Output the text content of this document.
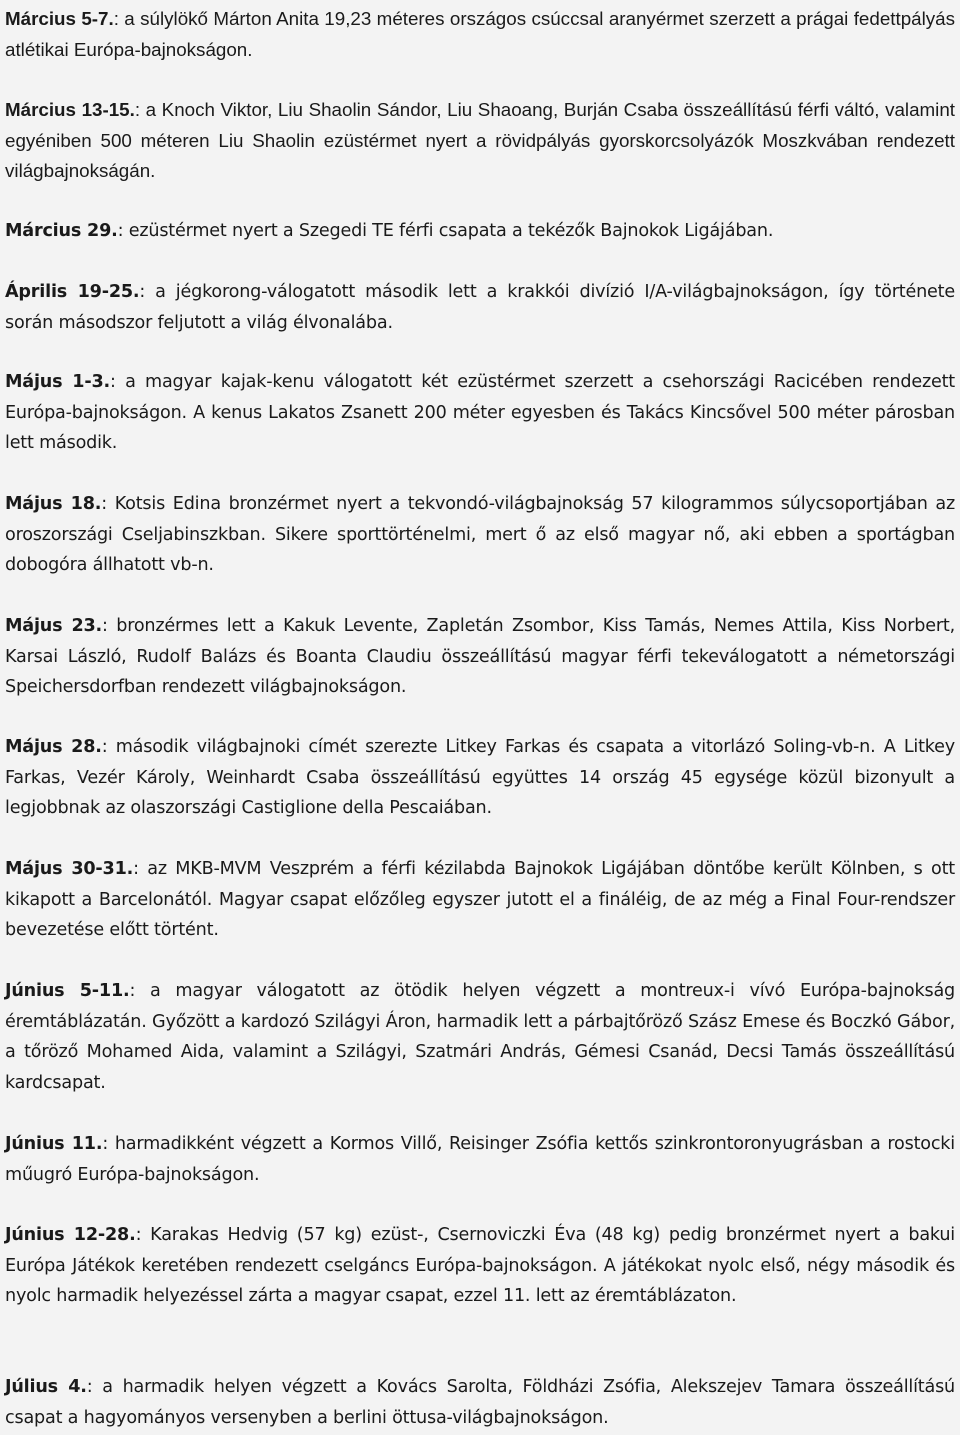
Március 5-7.: a súlylökő Márton Anita 19,23 méteres országos csúccsal aranyérmet szerzett a prágai fedettpályás atlétikai Európa-bajnokságon.

Március 13-15.: a Knoch Viktor, Liu Shaolin Sándor, Liu Shaoang, Burján Csaba összeállítású férfi váltó, valamint egyéniben 500 méteren Liu Shaolin ezüstérmet nyert a rövidpályás gyorskorcsolyázók Moszkvában rendezett világbajnokságán.

Március 29.: ezüstérmet nyert a Szegedi TE férfi csapata a tekézők Bajnokok Ligájában.

Április 19-25.: a jégkorong-válogatott második lett a krakkói divízió I/A-világbajnokságon, így története során másodszor feljutott a világ élvonalába.

Május 1-3.: a magyar kajak-kenu válogatott két ezüstérmet szerzett a csehországi Racicében rendezett Európa-bajnokságon. A kenus Lakatos Zsanett 200 méter egyesben és Takács Kincsővel 500 méter párosban lett második.

Május 18.: Kotsis Edina bronzérmet nyert a tekvondó-világbajnokság 57 kilogrammos súlycsoportjában az oroszországi Cseljabinszkban. Sikere sporttörténelmi, mert ő az első magyar nő, aki ebben a sportágban dobogóra állhatott vb-n.

Május 23.: bronzérmes lett a Kakuk Levente, Zapletán Zsombor, Kiss Tamás, Nemes Attila, Kiss Norbert, Karsai László, Rudolf Balázs és Boanta Claudiu összeállítású magyar férfi tekeválogatott a németországi Speichersdorfban rendezett világbajnokságon.

Május 28.: második világbajnoki címét szerezte Litkey Farkas és csapata a vitorlázó Soling-vb-n. A Litkey Farkas, Vezér Károly, Weinhardt Csaba összeállítású együttes 14 ország 45 egysége közül bizonyult a legjobbnak az olaszországi Castiglione della Pescaiában.

Május 30-31.: az MKB-MVM Veszprém a férfi kézilabda Bajnokok Ligájában döntőbe került Kölnben, s ott kikapott a Barcelonától. Magyar csapat előzőleg egyszer jutott el a fináléig, de az még a Final Four-rendszer bevezetése előtt történt.

Június 5-11.: a magyar válogatott az ötödik helyen végzett a montreux-i vívó Európa-bajnokság éremtáblázatán. Győzött a kardozó Szilágyi Áron, harmadik lett a párbajtőröző Szász Emese és Boczkó Gábor, a tőröző Mohamed Aida, valamint a Szilágyi, Szatmári András, Gémesi Csanád, Decsi Tamás összeállítású kardcsapat.

Június 11.: harmadikként végzett a Kormos Villő, Reisinger Zsófia kettős szinkrontoronyugrásban a rostocki műugró Európa-bajnokságon.

Június 12-28.: Karakas Hedvig (57 kg) ezüst-, Csernoviczki Éva (48 kg) pedig bronzérmet nyert a bakui Európa Játékok keretében rendezett cselgáncs Európa-bajnokságon. A játékokat nyolc első, négy második és nyolc harmadik helyezéssel zárta a magyar csapat, ezzel 11. lett az éremtáblázaton.

Július 4.: a harmadik helyen végzett a Kovács Sarolta, Földházi Zsófia, Alekszejev Tamara összeállítású csapat a hagyományos versenyben a berlini öttusa-világbajnokságon.
